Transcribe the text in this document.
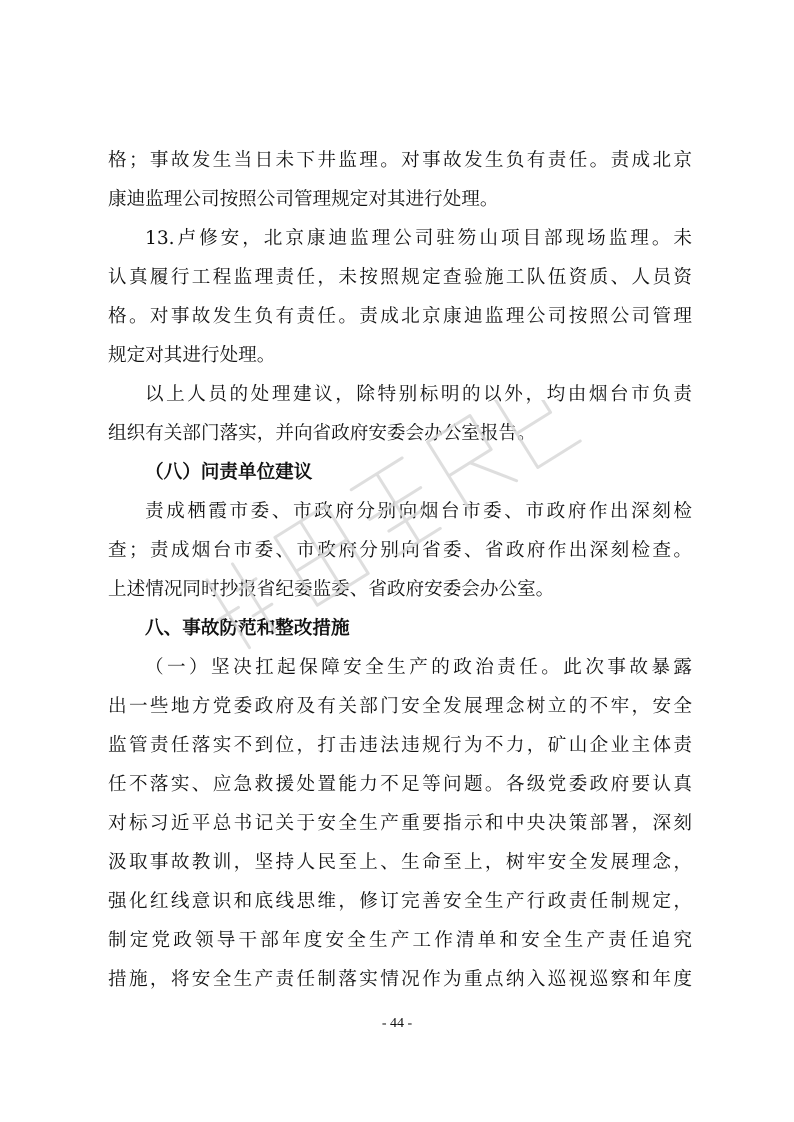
格；事故发生当日未下井监理。对事故发生负有责任。责成北京
康迪监理公司按照公司管理规定对其进行处理。
13.卢修安，北京康迪监理公司驻笏山项目部现场监理。未
认真履行工程监理责任，未按照规定查验施工队伍资质、人员资
格。对事故发生负有责任。责成北京康迪监理公司按照公司管理
规定对其进行处理。
以上人员的处理建议，除特别标明的以外，均由烟台市负责
组织有关部门落实，并向省政府安委会办公室报告。
（八）问责单位建议
责成栖霞市委、市政府分别向烟台市委、市政府作出深刻检
查；责成烟台市委、市政府分别向省委、省政府作出深刻检查。
上述情况同时抄报省纪委监委、省政府安委会办公室。
八、事故防范和整改措施
（一）坚决扛起保障安全生产的政治责任。此次事故暴露
出一些地方党委政府及有关部门安全发展理念树立的不牢，安全
监管责任落实不到位，打击违法违规行为不力，矿山企业主体责
任不落实、应急救援处置能力不足等问题。各级党委政府要认真
对标习近平总书记关于安全生产重要指示和中央决策部署，深刻
汲取事故教训，坚持人民至上、生命至上，树牢安全发展理念，
强化红线意识和底线思维，修订完善安全生产行政责任制规定，
制定党政领导干部年度安全生产工作清单和安全生产责任追究
措施，将安全生产责任制落实情况作为重点纳入巡视巡察和年度
- 44 -
